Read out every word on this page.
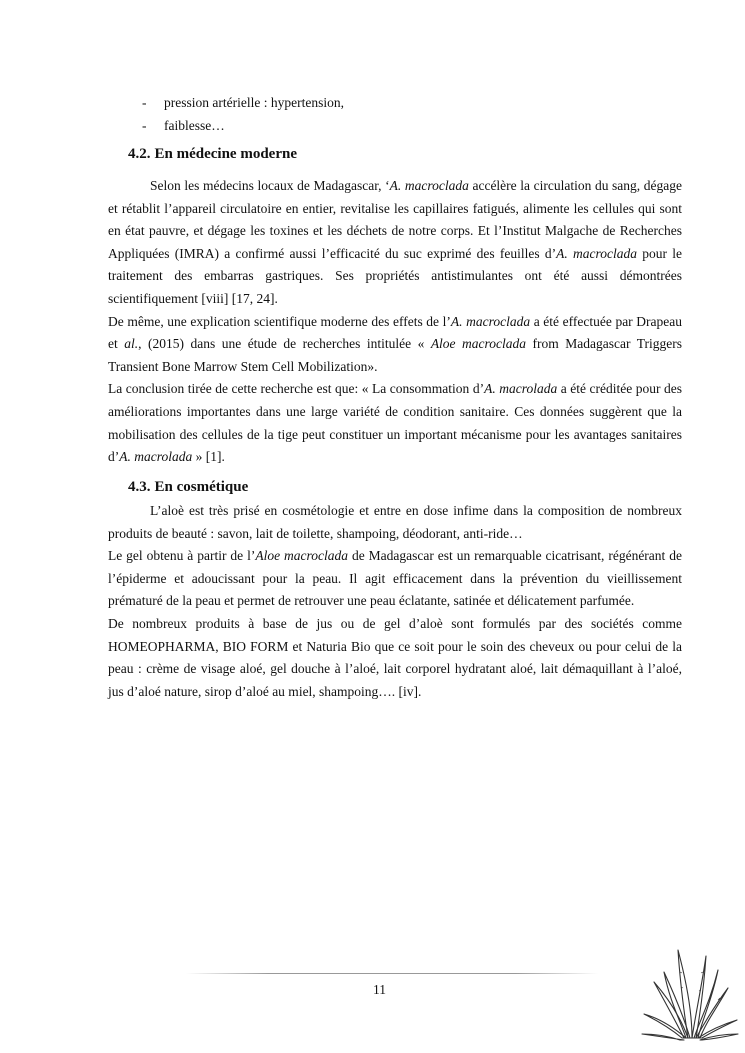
-	pression artérielle : hypertension,
-	faiblesse…
4.2. En médecine moderne

Selon les médecins locaux de Madagascar, ‘A. macroclada accélère la circulation du sang, dégage et rétablit l’appareil circulatoire en entier, revitalise les capillaires fatigués, alimente les cellules qui sont en état pauvre, et dégage les toxines et les déchets de notre corps. Et l’Institut Malgache de Recherches Appliquées (IMRA) a confirmé aussi l’efficacité du suc exprimé des feuilles d’A. macroclada pour le traitement des embarras gastriques. Ses propriétés antistimulantes ont été aussi démontrées scientifiquement [viii] [17, 24].

De même, une explication scientifique moderne des effets de l’A. macroclada a été effectuée par Drapeau et al., (2015) dans une étude de recherches intitulée « Aloe macroclada from Madagascar Triggers Transient Bone Marrow Stem Cell Mobilization».

La conclusion tirée de cette recherche est que: « La consommation d’A. macrolada a été créditée pour des améliorations importantes dans une large variété de condition sanitaire. Ces données suggèrent que la mobilisation des cellules de la tige peut constituer un important mécanisme pour les avantages sanitaires d’A. macrolada » [1].

4.3. En cosmétique

L’aloè est très prisé en cosmétologie et entre en dose infime dans la composition de nombreux produits de beauté : savon, lait de toilette, shampoing, déodorant, anti-ride…

Le gel obtenu à partir de l’Aloe macroclada de Madagascar est un remarquable cicatrisant, régénérant de l’épiderme et adoucissant pour la peau. Il agit efficacement dans la prévention du vieillissement prématuré de la peau et permet de retrouver une peau éclatante, satinée et délicatement parfumée.

De nombreux produits à base de jus ou de gel d’aloè sont formulés par des sociétés comme HOMEOPHARMA, BIO FORM et Naturia Bio que ce soit pour le soin des cheveux ou pour celui de la peau : crème de visage aloé, gel douche à l’aloé, lait corporel hydratant aloé, lait démaquillant à l’aloé, jus d’aloé nature, sirop d’aloé au miel, shampoing…. [iv].

11
